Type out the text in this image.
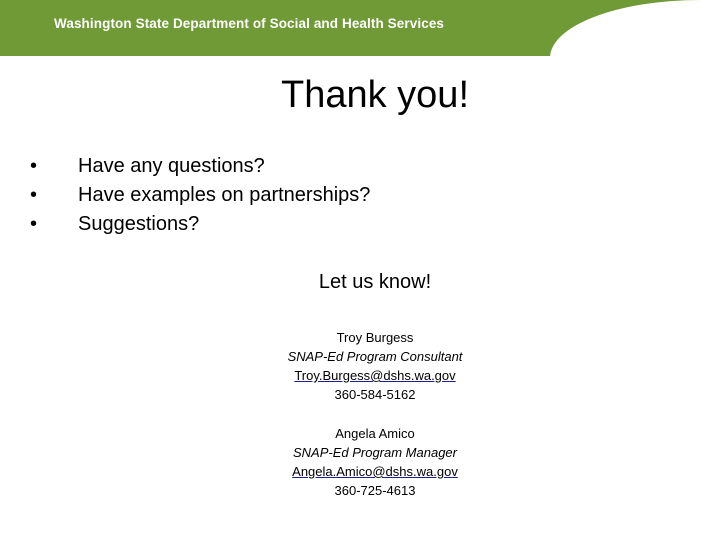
Washington State Department of Social and Health Services
Thank you!
• Have any questions?
• Have examples on partnerships?
• Suggestions?
Let us know!
Troy Burgess
SNAP-Ed Program Consultant
Troy.Burgess@dshs.wa.gov
360-584-5162
Angela Amico
SNAP-Ed Program Manager
Angela.Amico@dshs.wa.gov
360-725-4613
